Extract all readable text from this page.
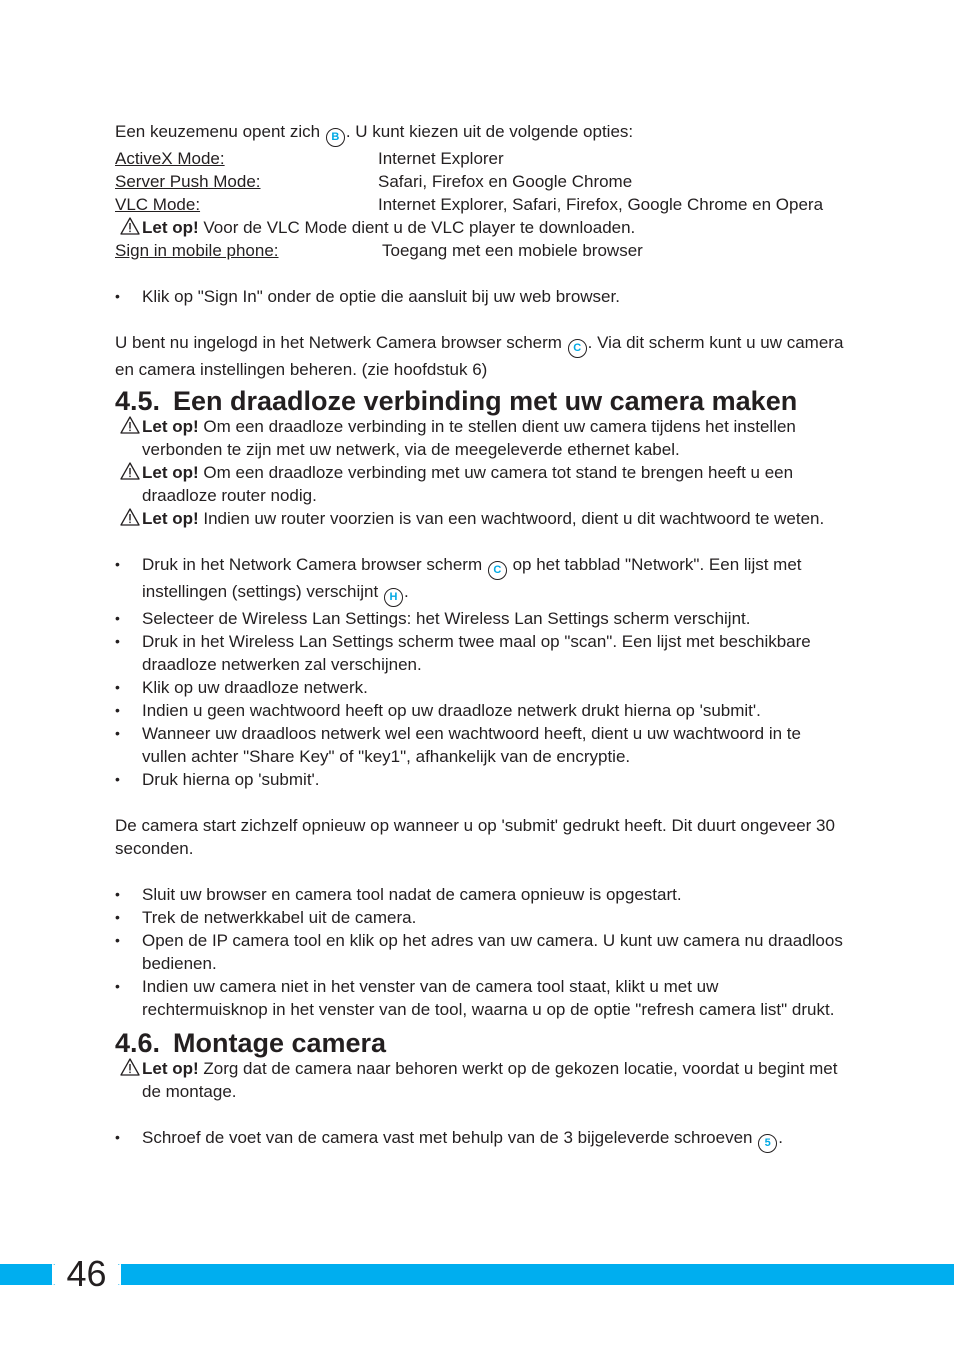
Een keuzemenu opent zich B . U kunt kiezen uit de volgende opties:

ActiveX Mode:	Internet Explorer
Server Push Mode:	Safari, Firefox en Google Chrome
VLC Mode:	Internet Explorer, Safari, Firefox, Google Chrome en Opera

Let op! Voor de VLC Mode dient u de VLC player te downloaden.

Sign in mobile phone:	Toegang met een mobiele browser
• Klik op "Sign In" onder de optie die aansluit bij uw web browser.

U bent nu ingelogd in het Netwerk Camera browser scherm C . Via dit scherm kunt u uw camera en camera instellingen beheren. (zie hoofdstuk 6)

4.5. Een draadloze verbinding met uw camera maken

Let op! Om een draadloze verbinding in te stellen dient uw camera tijdens het instellen verbonden te zijn met uw netwerk, via de meegeleverde ethernet kabel.

Let op! Om een draadloze verbinding met uw camera tot stand te brengen heeft u een draadloze router nodig.

Let op! Indien uw router voorzien is van een wachtwoord, dient u dit wachtwoord te weten.

• Druk in het Network Camera browser scherm C op het tabblad "Network". Een lijst met instellingen (settings) verschijnt H .
• Selecteer de Wireless Lan Settings: het Wireless Lan Settings scherm verschijnt.
• Druk in het Wireless Lan Settings scherm twee maal op "scan". Een lijst met beschikbare draadloze netwerken zal verschijnen.
• Klik op uw draadloze netwerk.
• Indien u geen wachtwoord heeft op uw draadloze netwerk drukt hierna op 'submit'.
• Wanneer uw draadloos netwerk wel een wachtwoord heeft, dient u uw wachtwoord in te vullen achter "Share Key" of "key1", afhankelijk van de encryptie.
• Druk hierna op 'submit'.

De camera start zichzelf opnieuw op wanneer u op 'submit' gedrukt heeft. Dit duurt ongeveer 30 seconden.

• Sluit uw browser en camera tool nadat de camera opnieuw is opgestart.
• Trek de netwerkkabel uit de camera.
• Open de IP camera tool en klik op het adres van uw camera. U kunt uw camera nu draadloos bedienen.
• Indien uw camera niet in het venster van de camera tool staat, klikt u met uw rechtermuisknop in het venster van de tool, waarna u op de optie "refresh camera list" drukt.
4.6. Montage camera

Let op! Zorg dat de camera naar behoren werkt op de gekozen locatie, voordat u begint met de montage.

• Schroef de voet van de camera vast met behulp van de 3 bijgeleverde schroeven 5 .
46
